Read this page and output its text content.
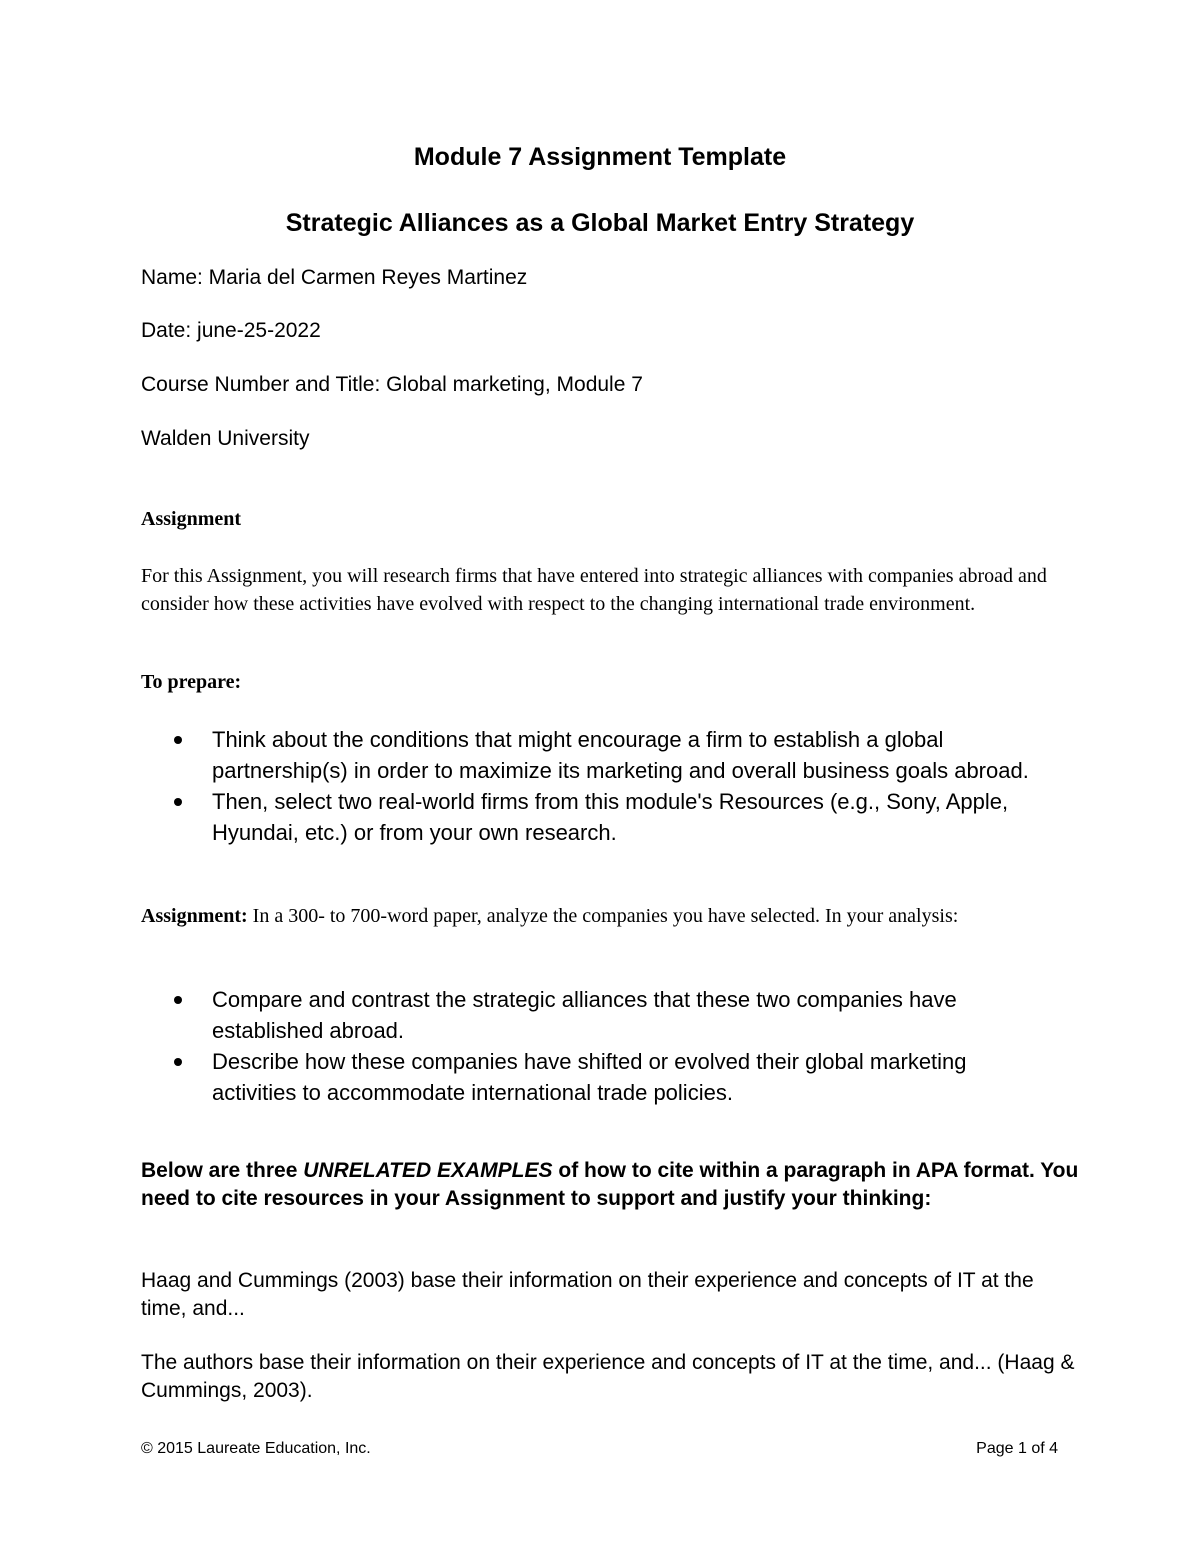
Module 7 Assignment Template
Strategic Alliances as a Global Market Entry Strategy
Name: Maria del Carmen Reyes Martinez
Date: june-25-2022
Course Number and Title: Global marketing, Module 7
Walden University
Assignment
For this Assignment, you will research firms that have entered into strategic alliances with companies abroad and consider how these activities have evolved with respect to the changing international trade environment.
To prepare:
Think about the conditions that might encourage a firm to establish a global partnership(s) in order to maximize its marketing and overall business goals abroad.
Then, select two real-world firms from this module's Resources (e.g., Sony, Apple, Hyundai, etc.) or from your own research.
Assignment: In a 300- to 700-word paper, analyze the companies you have selected. In your analysis:
Compare and contrast the strategic alliances that these two companies have established abroad.
Describe how these companies have shifted or evolved their global marketing activities to accommodate international trade policies.
Below are three UNRELATED EXAMPLES of how to cite within a paragraph in APA format. You need to cite resources in your Assignment to support and justify your thinking:
Haag and Cummings (2003) base their information on their experience and concepts of IT at the time, and...
The authors base their information on their experience and concepts of IT at the time, and... (Haag & Cummings, 2003).
© 2015 Laureate Education, Inc.	Page 1 of 4
